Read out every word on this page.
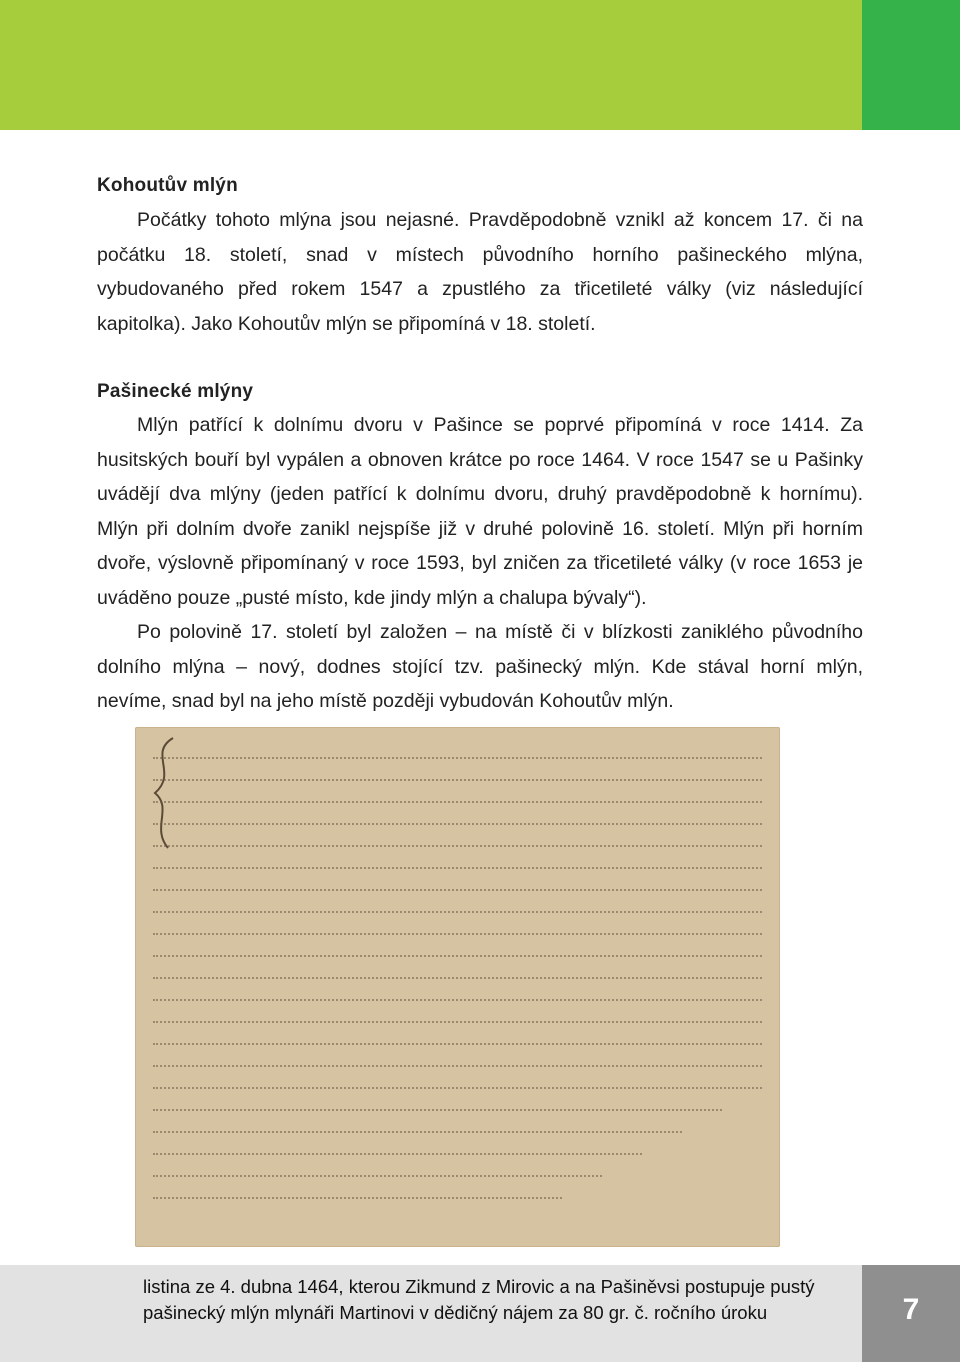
Kohoutův mlýn

Počátky tohoto mlýna jsou nejasné. Pravděpodobně vznikl až koncem 17. či na počátku 18. století, snad v místech původního horního pašineckého mlýna, vybudovaného před rokem 1547 a zpustlého za třicetileté války (viz následující kapitolka). Jako Kohoutův mlýn se připomíná v 18. století.

Pašinecké mlýny

Mlýn patřící k dolnímu dvoru v Pašince se poprvé připomíná v roce 1414. Za husitských bouří byl vypálen a obnoven krátce po roce 1464. V roce 1547 se u Pašinky uvádějí dva mlýny (jeden patřící k dolnímu dvoru, druhý pravděpodobně k hornímu). Mlýn při dolním dvoře zanikl nejspíše již v druhé polovině 16. století. Mlýn při horním dvoře, výslovně připomínaný v roce 1593, byl zničen za třicetileté války (v roce 1653 je uváděno pouze „pusté místo, kde jindy mlýn a chalupa bývaly“).

Po polovině 17. století byl založen – na místě či v blízkosti zaniklého původního dolního mlýna – nový, dodnes stojící tzv. pašinecký mlýn. Kde stával horní mlýn, nevíme, snad byl na jeho místě později vybudován Kohoutův mlýn.

7
listina ze 4. dubna 1464, kterou Zikmund z Mirovic a na Pašiněvsi postupuje pustý
pašinecký mlýn mlynáři Martinovi v dědičný nájem za 80 gr. č. ročního úroku
